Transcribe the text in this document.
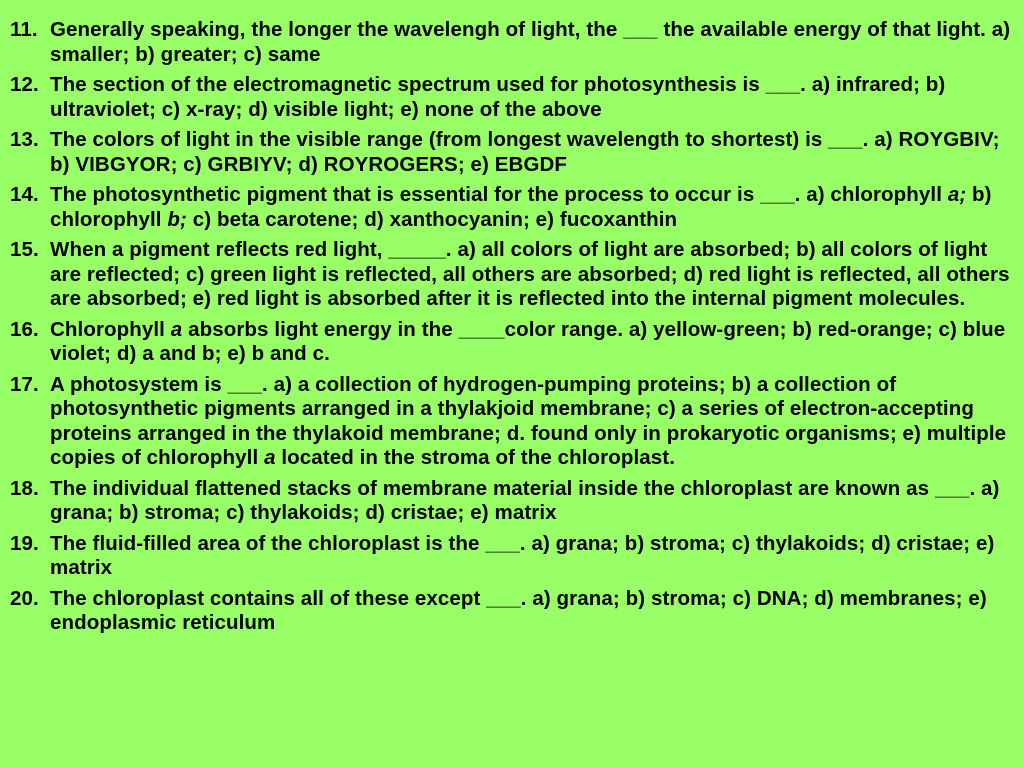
11. Generally speaking, the longer the wavelengh of light, the ___ the available energy of that light. a) smaller; b) greater; c) same
12. The section of the electromagnetic spectrum used for photosynthesis is ___. a) infrared; b) ultraviolet; c) x-ray; d) visible light; e) none of the above
13. The colors of light in the visible range (from longest wavelength to shortest) is ___. a) ROYGBIV; b) VIBGYOR; c) GRBIYV; d) ROYROGERS; e) EBGDF
14. The photosynthetic pigment that is essential for the process to occur is ___. a) chlorophyll a; b) chlorophyll b; c) beta carotene; d) xanthocyanin; e) fucoxanthin
15. When a pigment reflects red light, _____. a) all colors of light are absorbed; b) all colors of light are reflected; c) green light is reflected, all others are absorbed; d) red light is reflected, all others are absorbed; e) red light is absorbed after it is reflected into the internal pigment molecules.
16. Chlorophyll a absorbs light energy in the ____color range. a) yellow-green; b) red-orange; c) blue violet; d) a and b; e) b and c.
17. A photosystem is ___. a) a collection of hydrogen-pumping proteins; b) a collection of photosynthetic pigments arranged in a thylakjoid membrane; c) a series of electron-accepting proteins arranged in the thylakoid membrane; d. found only in prokaryotic organisms; e) multiple copies of chlorophyll a located in the stroma of the chloroplast.
18. The individual flattened stacks of membrane material inside the chloroplast are known as ___. a) grana; b) stroma; c) thylakoids; d) cristae; e) matrix
19. The fluid-filled area of the chloroplast is the ___. a) grana; b) stroma; c) thylakoids; d) cristae; e) matrix
20. The chloroplast contains all of these except ___. a) grana; b) stroma; c) DNA; d) membranes; e) endoplasmic reticulum
